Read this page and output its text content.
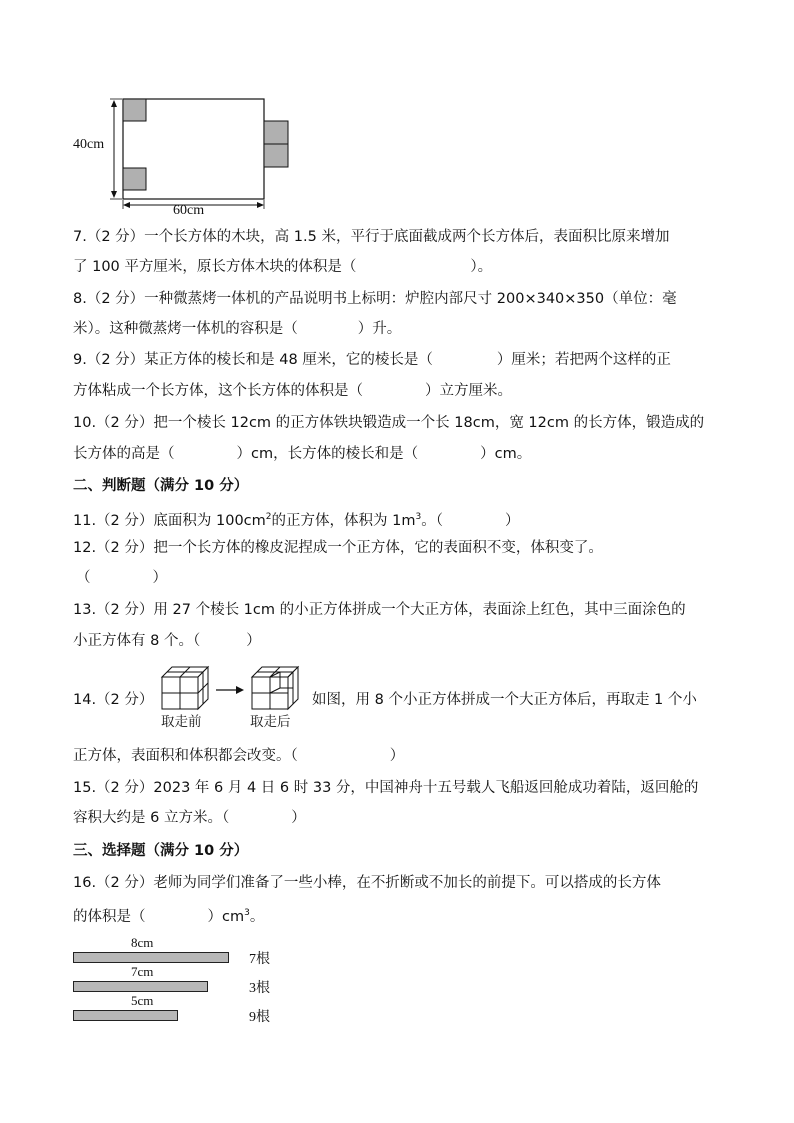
40cm
60cm
7.（2 分）一个长方体的木块，高 1.5 米，平行于底面截成两个长方体后，表面积比原来增加
了 100 平方厘米，原长方体木块的体积是（	）。
8.（2 分）一种微蒸烤一体机的产品说明书上标明：炉腔内部尺寸 200×340×350（单位：毫
米）。这种微蒸烤一体机的容积是（	）升。
9.（2 分）某正方体的棱长和是 48 厘米，它的棱长是（	）厘米；若把两个这样的正
方体粘成一个长方体，这个长方体的体积是（	）立方厘米。
10.（2 分）把一个棱长 12cm 的正方体铁块锻造成一个长 18cm，宽 12cm 的长方体，锻造成的
长方体的高是（	）cm，长方体的棱长和是（	）cm。
二、判断题（满分 10 分）
11.（2 分）底面积为 $100cm^2$的正方体，体积为 $1m^3$。（	）
12.（2 分）把一个长方体的橡皮泥捏成一个正方体，它的表面积不变，体积变了。
（	）
13.（2 分）用 27 个棱长 1cm 的小正方体拼成一个大正方体，表面涂上红色，其中三面涂色的
小正方体有 8 个。（	）
14.（2 分）
取走前	取走后
如图，用 8 个小正方体拼成一个大正方体后，再取走 1 个小
正方体，表面积和体积都会改变。（	）
15.（2 分）2023 年 6 月 4 日 6 时 33 分，中国神舟十五号载人飞船返回舱成功着陆，返回舱的
容积大约是 6 立方米。（	）
三、选择题（满分 10 分）
16.（2 分）老师为同学们准备了一些小棒，在不折断或不加长的前提下。可以搭成的长方体
的体积是（	）$cm^3$。
8cm
7根
7cm
3根
5cm
9根
